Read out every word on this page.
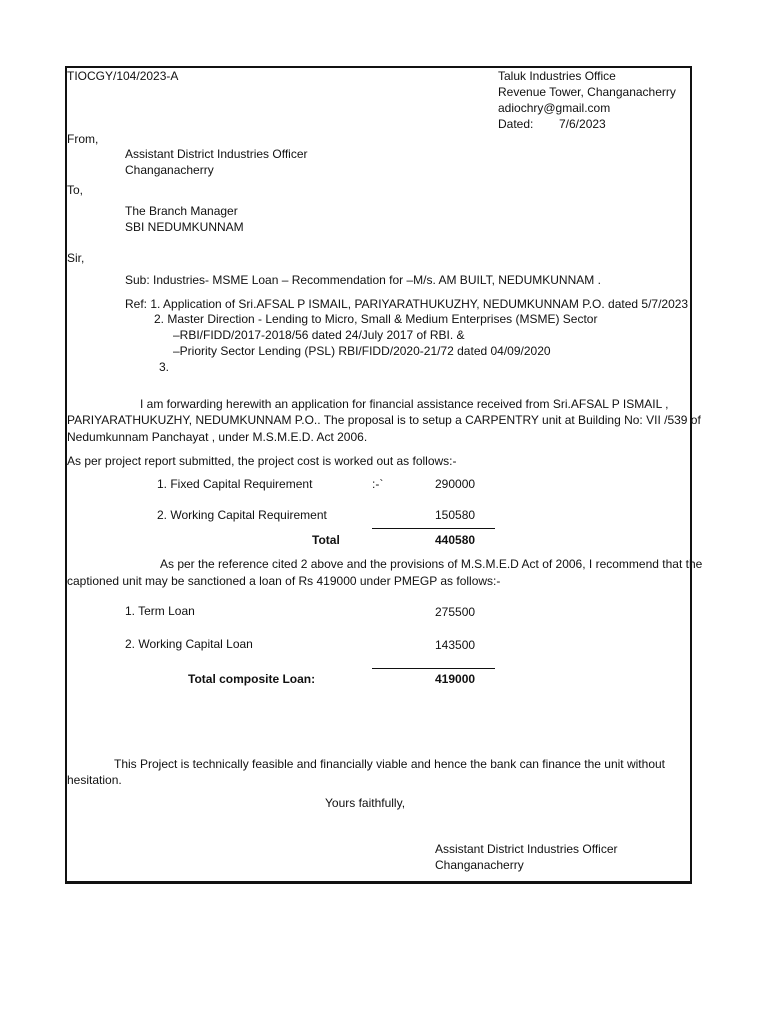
TIOCGY/104/2023-A	Taluk Industries Office
Revenue Tower, Changanacherry
adiochry@gmail.com
Dated: 7/6/2023
From,
Assistant District Industries Officer
Changanacherry
To,
The Branch Manager
SBI NEDUMKUNNAM
Sir,
Sub: Industries- MSME Loan – Recommendation for –M/s. AM BUILT, NEDUMKUNNAM .
Ref: 1. Application of Sri.AFSAL P ISMAIL, PARIYARATHUKUZHY, NEDUMKUNNAM P.O. dated 5/7/2023
2. Master Direction - Lending to Micro, Small & Medium Enterprises (MSME) Sector
–RBI/FIDD/2017-2018/56 dated 24/July 2017 of RBI. &
–Priority Sector Lending (PSL) RBI/FIDD/2020-21/72 dated 04/09/2020
3.
I am forwarding herewith an application for financial assistance received from Sri.AFSAL P ISMAIL ,
PARIYARATHUKUZHY, NEDUMKUNNAM P.O.. The proposal is to setup a CARPENTRY unit at Building No: VII /539 of
Nedumkunnam Panchayat , under M.S.M.E.D. Act 2006.
As per project report submitted, the project cost is worked out as follows:-
1. Fixed Capital Requirement	:-`	290000
2. Working Capital Requirement	150580
Total	440580
As per the reference cited 2 above and the provisions of M.S.M.E.D Act of 2006, I recommend that the
captioned unit may be sanctioned a loan of Rs 419000 under PMEGP as follows:-
1. Term Loan	275500
2. Working Capital Loan	143500
Total composite Loan:	419000
This Project is technically feasible and financially viable and hence the bank can finance the unit without
hesitation.
Yours faithfully,
Assistant District Industries Officer
Changanacherry
